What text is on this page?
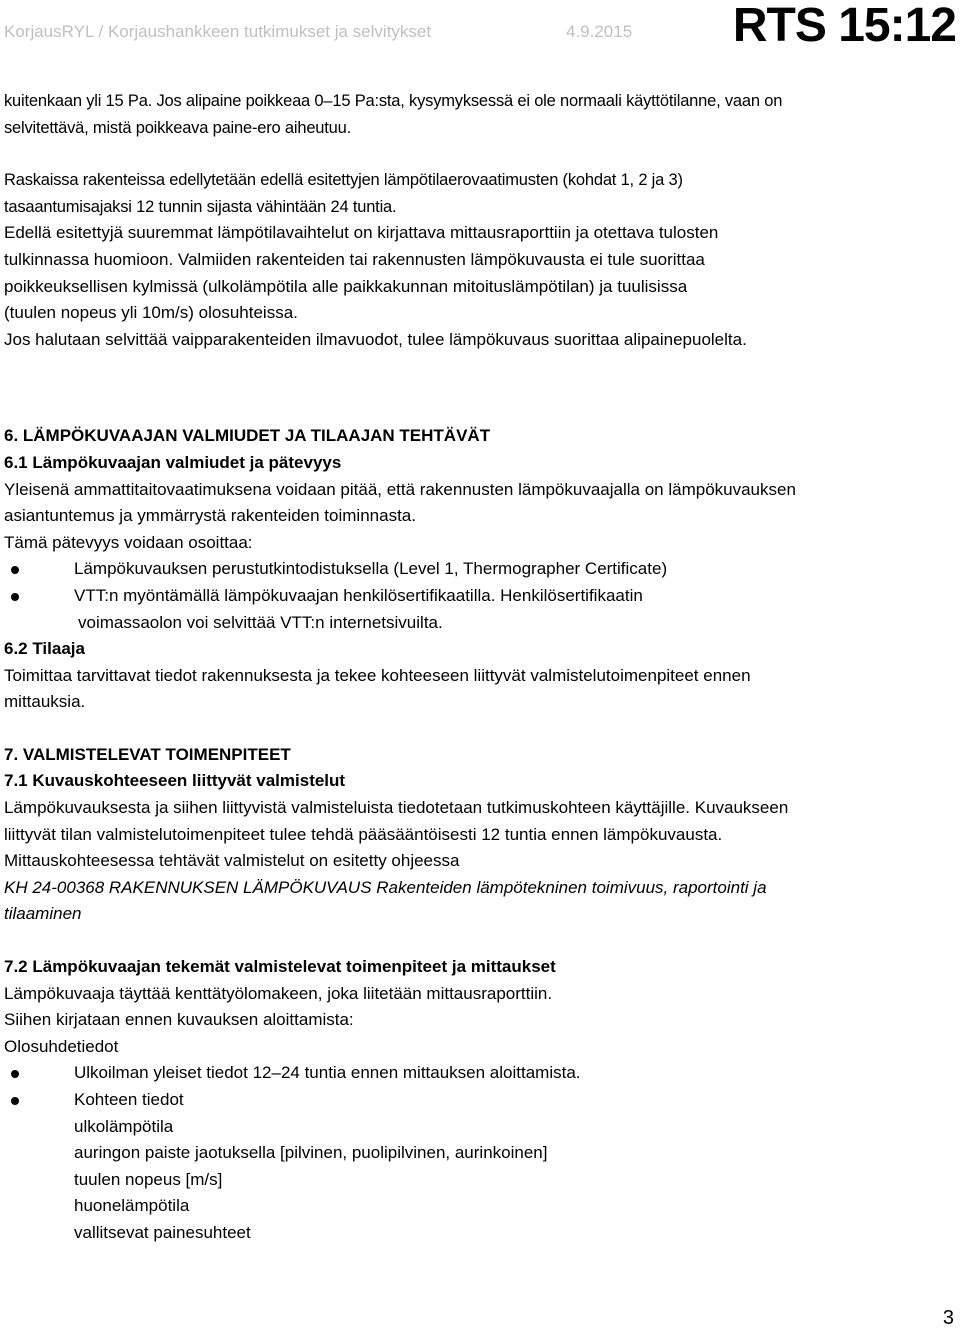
KorjausRYL / Korjaushankkeen tutkimukset ja selvitykset	4.9.2015 RTS 15:12

kuitenkaan yli 15 Pa. Jos alipaine poikkeaa 0–15 Pa:sta, kysymyksessä ei ole normaali käyttötilanne, vaan on

selvitettävä, mistä poikkeava paine-ero aiheutuu.

Raskaissa rakenteissa edellytetään edellä esitettyjen lämpötilaerovaatimusten (kohdat 1, 2 ja 3)

tasaantumisajaksi 12 tunnin sijasta vähintään 24 tuntia.

Edellä esitettyjä suuremmat lämpötilavaihtelut on kirjattava mittausraporttiin ja otettava tulosten

tulkinnassa huomioon. Valmiiden rakenteiden tai rakennusten lämpökuvausta ei tule suorittaa

poikkeuksellisen kylmissä (ulkolämpötila alle paikkakunnan mitoituslämpötilan) ja tuulisissa

(tuulen nopeus yli 10m/s) olosuhteissa.

Jos halutaan selvittää vaipparakenteiden ilmavuodot, tulee lämpökuvaus suorittaa alipainepuolelta.

6. LÄMPÖKUVAAJAN VALMIUDET JA TILAAJAN TEHTÄVÄT

6.1 Lämpökuvaajan valmiudet ja pätevyys

Yleisenä ammattitaitovaatimuksena voidaan pitää, että rakennusten lämpökuvaajalla on lämpökuvauksen

asiantuntemus ja ymmärrystä rakenteiden toiminnasta.

Tämä pätevyys voidaan osoittaa:

Lämpökuvauksen perustutkintodistuksella (Level 1, Thermographer Certificate)
VTT:n myöntämällä lämpökuvaajan henkilösertifikaatilla. Henkilösertifikaatin

voimassaolon voi selvittää VTT:n internetsivuilta.

6.2 Tilaaja

Toimittaa tarvittavat tiedot rakennuksesta ja tekee kohteeseen liittyvät valmistelutoimenpiteet ennen

mittauksia.

7. VALMISTELEVAT TOIMENPITEET

7.1 Kuvauskohteeseen liittyvät valmistelut

Lämpökuvauksesta ja siihen liittyvistä valmisteluista tiedotetaan tutkimuskohteen käyttäjille. Kuvaukseen

liittyvät tilan valmistelutoimenpiteet tulee tehdä pääsääntöisesti 12 tuntia ennen lämpökuvausta.

Mittauskohteesessa tehtävät valmistelut on esitetty ohjeessa

KH 24-00368 RAKENNUKSEN LÄMPÖKUVAUS Rakenteiden lämpötekninen toimivuus, raportointi ja

tilaaminen

7.2 Lämpökuvaajan tekemät valmistelevat toimenpiteet ja mittaukset

Lämpökuvaaja täyttää kenttätyölomakeen, joka liitetään mittausraporttiin.

Siihen kirjataan ennen kuvauksen aloittamista:

Olosuhdetiedot

Ulkoilman yleiset tiedot 12–24 tuntia ennen mittauksen aloittamista.
Kohteen tiedot

ulkolämpötila

auringon paiste jaotuksella [pilvinen, puolipilvinen, aurinkoinen]

tuulen nopeus [m/s]

huonelämpötila

vallitsevat painesuhteet

3
